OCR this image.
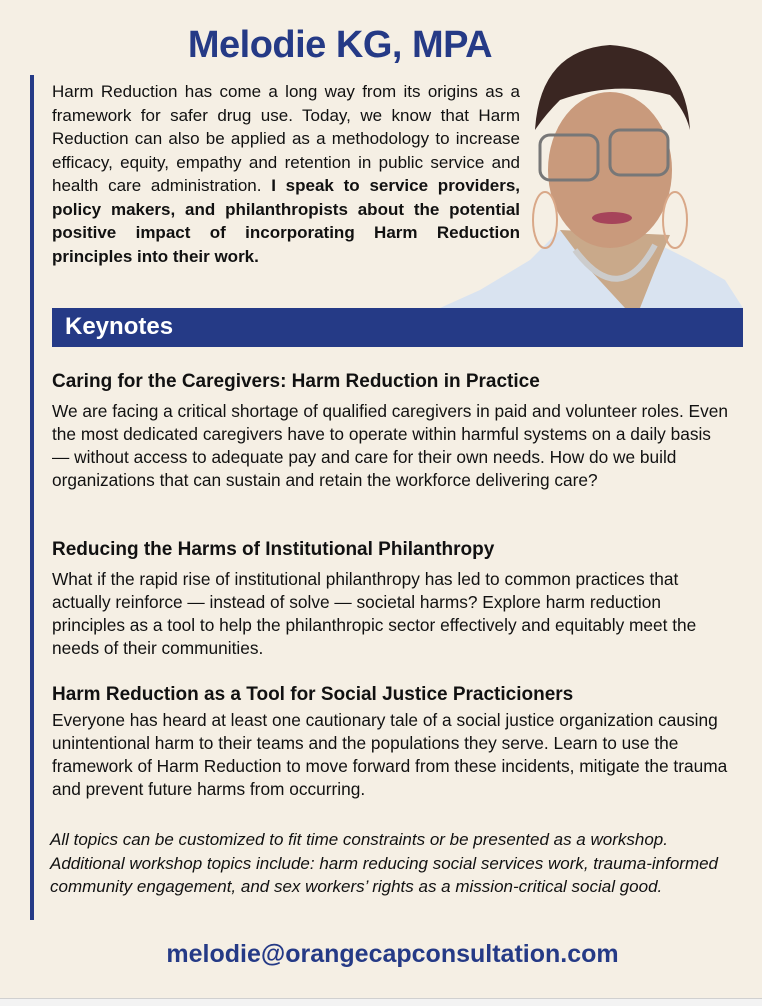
Melodie KG, MPA
Harm Reduction has come a long way from its origins as a framework for safer drug use. Today, we know that Harm Reduction can also be applied as a methodology to increase efficacy, equity, empathy and retention in public service and health care administration. I speak to service providers, policy makers, and philanthropists about the potential positive impact of incorporating Harm Reduction principles into their work.
Keynotes
Caring for the Caregivers: Harm Reduction in Practice
We are facing a critical shortage of qualified caregivers in paid and volunteer roles. Even the most dedicated caregivers have to operate within harmful systems on a daily basis — without access to adequate pay and care for their own needs. How do we build organizations that can sustain and retain the workforce delivering care?
Reducing the Harms of Institutional Philanthropy
What if the rapid rise of institutional philanthropy has led to common practices that actually reinforce — instead of solve — societal harms? Explore harm reduction principles as a tool to help the philanthropic sector effectively and equitably meet the needs of their communities.
Harm Reduction as a Tool for Social Justice Practicioners
Everyone has heard at least one cautionary tale of a social justice organization causing unintentional harm to their teams and the populations they serve. Learn to use the framework of Harm Reduction to move forward from these incidents, mitigate the trauma and prevent future harms from occurring.
All topics can be customized to fit time constraints or be presented as a workshop. Additional workshop topics include: harm reducing social services work, trauma-informed community engagement, and sex workers’ rights as a mission-critical social good.
melodie@orangecapconsultation.com
